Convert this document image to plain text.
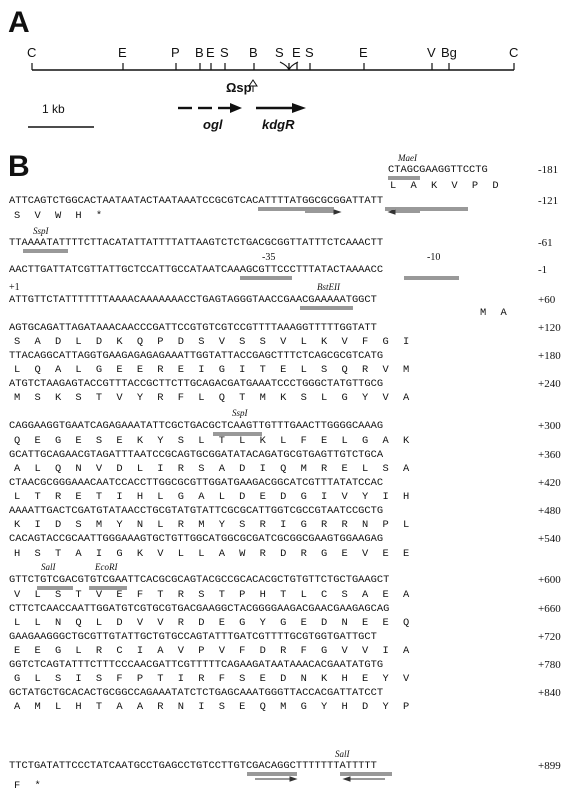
A
C	E	P B E S B S E S	E	V Bg	C
Ωsp
1 kb
ogl	kdgR
B	MaeI
CTAGCGAAGGTTCCTG	-181
L A K V P D
ATTCAGTCTGGCACTAATAATACTAATAAATCCGCGTCACATTTTATGGCGCGGATTATT	-121
S V W H *
SspI
TTAAAATATTTTCTTACATATTATTTTATTAAGTCTCTGACGCGGTTATTTCTCAAACTT	-61
-35	-10
AACTTGATTATCGTTATTGCTCCATTGCCATAATCAAAGCGTTCCCTTTATACTAAAACC	-1
+1	BstEII
ATTGTTCTATTTTTTTAAAACAAAAAAACCTGAGTAGGGTAACCGAACGAAAAATGGCT	+60
M A
AGTGCAGATTAGATAAACAACCCGATTCCGTGTCGTCCGTTTTAAAGGTTTTTGGTATT	+120
S A D L D K Q P D S V S S V L K V F G I
TTACAGGCATTAGGTGAAGAGAGAGAAATTGGTATTACCGAGCTTTCTCAGCGCGTCATG	+180
L Q A L G E E R E I G I T E L S Q R V M
ATGTCTAAGAGTACCGTTTACCGCTTCTTGCAGACGATGAAATCCCTGGGCTATGTTGCG	+240
M S K S T V Y R F L Q T M K S L G Y V A
SspI
CAGGAAGGTGAATCAGAGAAATATTCGCTGACGCTCAAGTTGTTTGAACTTGGGGCAAAG	+300
Q E G E S E K Y S L T L K L F E L G A K
GCATTGCAGAACGTAGATTTAATCCGCAGTGCGGATATACAGATGCGTGAGTTGTCTGCA	+360
A L Q N V D L I R S A D I Q M R E L S A
CTAACGCGGGAAACAATCCACCTTGGCGCGTTGGATGAAGACGGCATCGTTTATATCCAC	+420
L T R E T I H L G A L D E D G I V Y I H
AAAATTGACTCGATGTATAACCTGCGTATGTATTCGCGCATTGGTCGCCGTAATCCGCTG	+480
K I D S M Y N L R M Y S R I G R R N P L
CACAGTACCGCAATTGGGAAAGTGCTGTTGGCATGGCGCGATCGCGGCGAAGTGGAAGAG	+540
H S T A I G K V L L A W R D R G E V E E
SalI	EcoRI
GTTCTGTCGACGTGTCGAATTCACGCGCAGTACGCCGCACACGCTGTGTTCTGCTGAAGCT	+600
V L S T V E F T R S T P H T L C S A E A
CTTCTCAACCAATTGGATGTCGTGCGTGACGAAGGCTACGGGGAAGACGAACGAAGAGCAG	+660
L L N Q L D V V R D E G Y G E D N E E Q
GAAGAAGGGCTGCGTTGTATTGCTGTGCCAGTATTTGATCGTTTTGCGTGGTGATTGCT	+720
E E G L R C I A V P V F D R F G V V I A
GGTCTCAGTATTTCTTTCCCAACGATTCGTTTTTCAGAAGATAATAAACACGAATATGTG	+780
G L S I S F P T I R F S E D N K H E Y V
GCTATGCTGCACACTGCGGCCAGAAATATCTCTGAGCAAATGGGTTACCACGATTATCCT	+840
A M L H T A A R N I S E Q M G Y H D Y P
SalI
TTCTGATATTCCCTATCAATGCCTGAGCCTGTCCTTGTCGACAGGCTTTTTTTATTTTT	+899
F *
